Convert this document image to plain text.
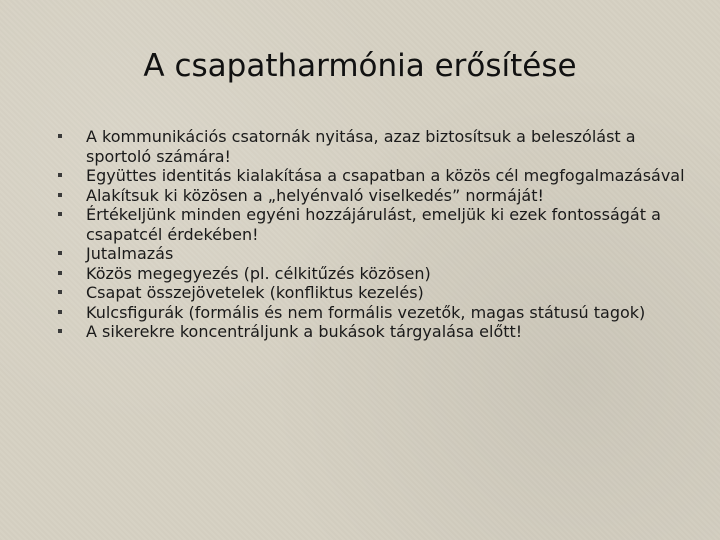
A csapatharmónia erősítése
A kommunikációs csatornák nyitása, azaz biztosítsuk a beleszólást a sportoló számára!
Együttes identitás kialakítása a csapatban a közös cél megfogalmazásával
Alakítsuk ki közösen a „helyénvaló viselkedés” normáját!
Értékeljünk minden egyéni hozzájárulást, emeljük ki ezek fontosságát a csapatcél érdekében!
Jutalmazás
Közös megegyezés (pl. célkitűzés közösen)
Csapat összejövetelek (konfliktus kezelés)
Kulcsfigurák (formális és nem formális vezetők, magas státusú tagok)
A sikerekre koncentráljunk a bukások tárgyalása előtt!
